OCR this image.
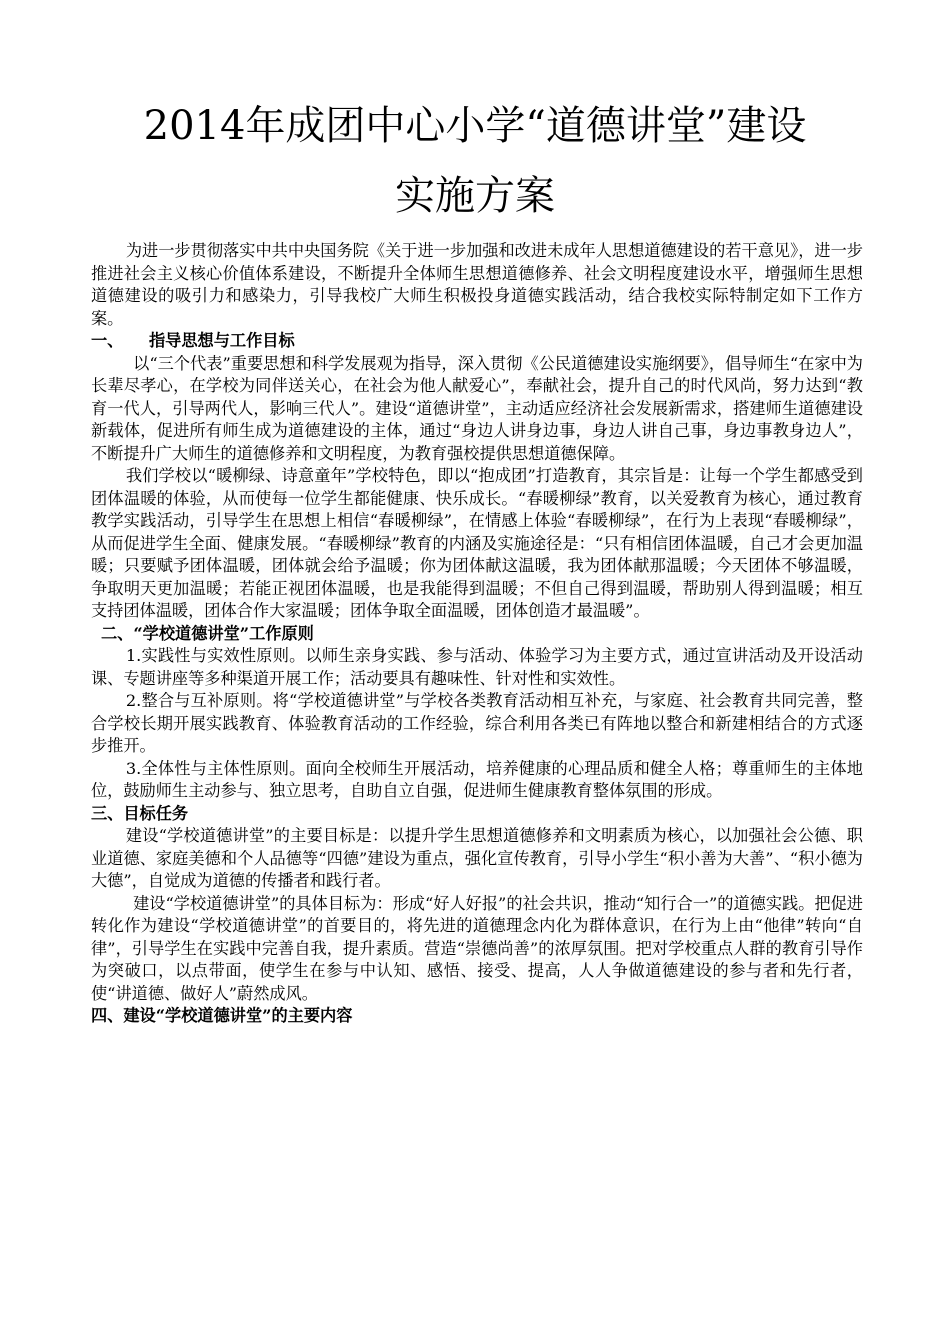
2014年成团中心小学“道德讲堂”建设
实施方案

为进一步贯彻落实中共中央国务院《关于进一步加强和改进未成年人思想道德建设的若干意见》，进一步推进社会主义核心价值体系建设，不断提升全体师生思想道德修养、社会文明程度建设水平，增强师生思想道德建设的吸引力和感染力，引导我校广大师生积极投身道德实践活动，结合我校实际特制定如下工作方案。

一、 指导思想与工作目标

以“三个代表”重要思想和科学发展观为指导，深入贯彻《公民道德建设实施纲要》，倡导师生“在家中为长辈尽孝心，在学校为同伴送关心，在社会为他人献爱心”，奉献社会，提升自己的时代风尚，努力达到“教育一代人，引导两代人，影响三代人”。建设“道德讲堂”，主动适应经济社会发展新需求，搭建师生道德建设新载体，促进所有师生成为道德建设的主体，通过“身边人讲身边事，身边人讲自己事，身边事教身边人”，不断提升广大师生的道德修养和文明程度，为教育强校提供思想道德保障。

我们学校以“暖柳绿、诗意童年”学校特色，即以“抱成团”打造教育，其宗旨是：让每一个学生都感受到团体温暖的体验，从而使每一位学生都能健康、快乐成长。“春暖柳绿”教育，以关爱教育为核心，通过教育教学实践活动，引导学生在思想上相信“春暖柳绿”，在情感上体验“春暖柳绿”，在行为上表现“春暖柳绿”，从而促进学生全面、健康发展。“春暖柳绿”教育的内涵及实施途径是：“只有相信团体温暖，自己才会更加温暖；只要赋予团体温暖，团体就会给予温暖；你为团体献这温暖，我为团体献那温暖；今天团体不够温暖，争取明天更加温暖；若能正视团体温暖，也是我能得到温暖；不但自己得到温暖，帮助别人得到温暖；相互支持团体温暖，团体合作大家温暖；团体争取全面温暖，团体创造才最温暖”。

二、“学校道德讲堂”工作原则

1.实践性与实效性原则。以师生亲身实践、参与活动、体验学习为主要方式，通过宣讲活动及开设活动课、专题讲座等多种渠道开展工作；活动要具有趣味性、针对性和实效性。

2.整合与互补原则。将“学校道德讲堂”与学校各类教育活动相互补充，与家庭、社会教育共同完善，整合学校长期开展实践教育、体验教育活动的工作经验，综合利用各类已有阵地以整合和新建相结合的方式逐步推开。

3.全体性与主体性原则。面向全校师生开展活动，培养健康的心理品质和健全人格；尊重师生的主体地位，鼓励师生主动参与、独立思考，自助自立自强，促进师生健康教育整体氛围的形成。

三、目标任务

建设“学校道德讲堂”的主要目标是：以提升学生思想道德修养和文明素质为核心，以加强社会公德、职业道德、家庭美德和个人品德等“四德”建设为重点，强化宣传教育，引导小学生“积小善为大善”、“积小德为大德”，自觉成为道德的传播者和践行者。

建设“学校道德讲堂”的具体目标为：形成“好人好报”的社会共识，推动“知行合一”的道德实践。把促进转化作为建设“学校道德讲堂”的首要目的，将先进的道德理念内化为群体意识，在行为上由“他律”转向“自律”，引导学生在实践中完善自我，提升素质。营造“崇德尚善”的浓厚氛围。把对学校重点人群的教育引导作为突破口，以点带面，使学生在参与中认知、感悟、接受、提高，人人争做道德建设的参与者和先行者，使“讲道德、做好人”蔚然成风。

四、建设“学校道德讲堂”的主要内容
